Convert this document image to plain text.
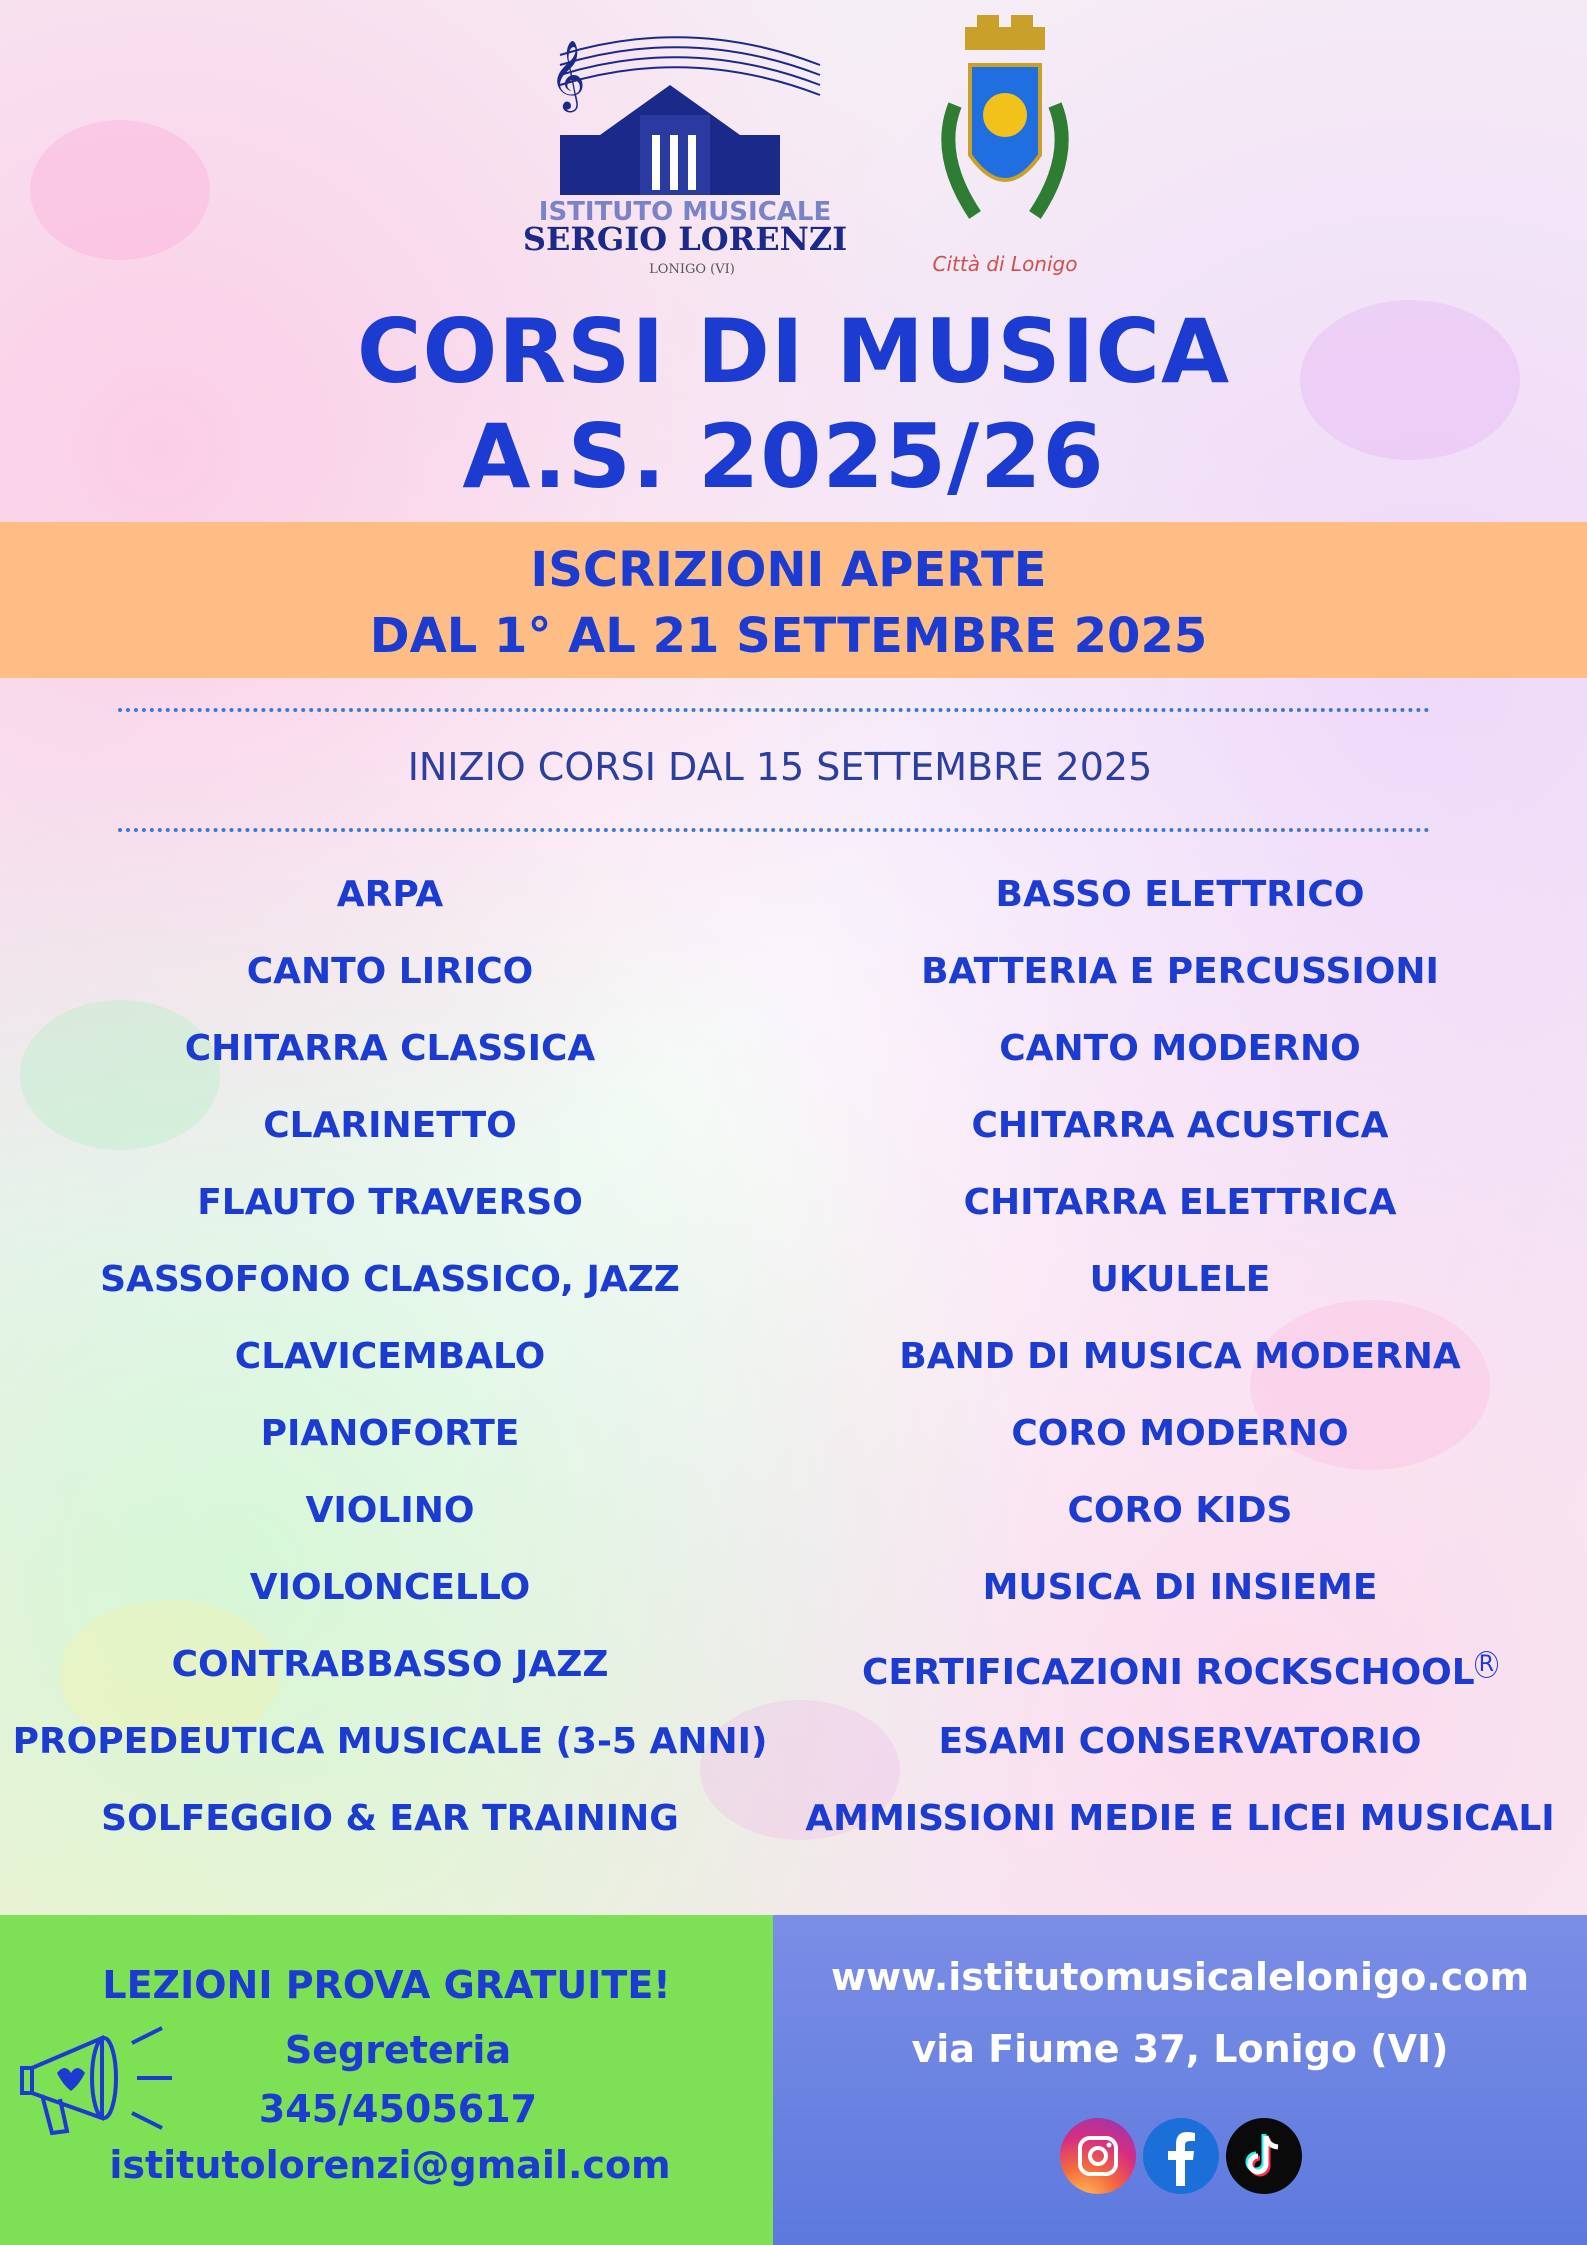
𝄞
ISTITUTO MUSICALE
SERGIO LORENZI
LONIGO (VI)	Città di Lonigo
CORSI DI MUSICA
A.S. 2025/26
ISCRIZIONI APERTE
DAL 1° AL 21 SETTEMBRE 2025
INIZIO CORSI DAL 15 SETTEMBRE 2025
ARPA
CANTO LIRICO
CHITARRA CLASSICA
CLARINETTO
FLAUTO TRAVERSO
SASSOFONO CLASSICO, JAZZ
CLAVICEMBALO
PIANOFORTE
VIOLINO
VIOLONCELLO
CONTRABBASSO JAZZ
PROPEDEUTICA MUSICALE (3-5 ANNI)
SOLFEGGIO & EAR TRAINING
BASSO ELETTRICO
BATTERIA E PERCUSSIONI
CANTO MODERNO
CHITARRA ACUSTICA
CHITARRA ELETTRICA
UKULELE
BAND DI MUSICA MODERNA
CORO MODERNO
CORO KIDS
MUSICA DI INSIEME
CERTIFICAZIONI ROCKSCHOOL $^R$
ESAMI CONSERVATORIO
AMMISSIONI MEDIE E LICEI MUSICALI
LEZIONI PROVA GRATUITE!
Segreteria
345/4505617
istitutolorenzi@gmail.com
www.istitutomusicalelonigo.com
via Fiume 37, Lonigo (VI)
